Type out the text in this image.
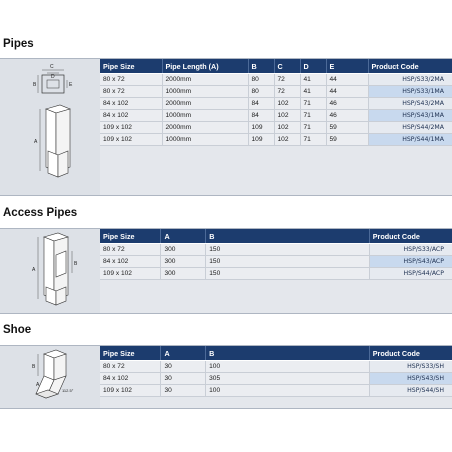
Pipes
C
D
B	E
A
Pipe Size	Pipe Length (A)	B	C	D	E	Product Code
80 x 72	2000mm	80	72	41	44	HSP/S33/2MA
80 x 72	1000mm	80	72	41	44	HSP/S33/1MA
84 x 102	2000mm	84	102	71	46	HSP/S43/2MA
84 x 102	1000mm	84	102	71	46	HSP/S43/1MA
109 x 102	2000mm	109	102	71	59	HSP/S44/2MA
109 x 102	1000mm	109	102	71	59	HSP/S44/1MA
Access Pipes
A
B
Pipe Size	A	B	Product Code
80 x 72	300	150	HSP/S33/ACP
84 x 102	300	150	HSP/S43/ACP
109 x 102	300	150	HSP/S44/ACP
Shoe
B
A
112.5°
Pipe Size	A	B	Product Code
80 x 72	30	100	HSP/S33/SH
84 x 102	30	305	HSP/S43/SH
109 x 102	30	100	HSP/S44/SH
